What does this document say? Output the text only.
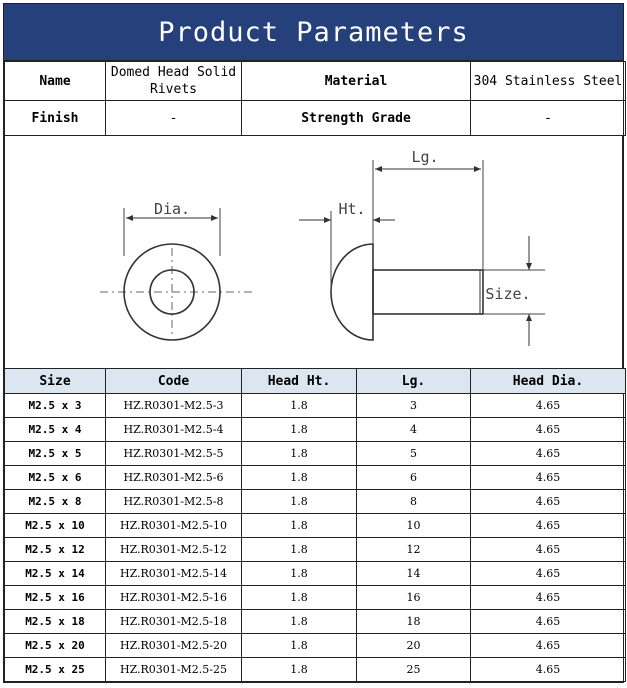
Product Parameters
Name	Domed Head Solid Rivets	Material	304 Stainless Steel
Finish	-	Strength Grade	-
Dia.	Ht.
Lg.
Size.
Size	Code	Head Ht.	Lg.	Head Dia.
M2.5 x 3	HZ.R0301-M2.5-3	1.8	3	4.65
M2.5 x 4	HZ.R0301-M2.5-4	1.8	4	4.65
M2.5 x 5	HZ.R0301-M2.5-5	1.8	5	4.65
M2.5 x 6	HZ.R0301-M2.5-6	1.8	6	4.65
M2.5 x 8	HZ.R0301-M2.5-8	1.8	8	4.65
M2.5 x 10	HZ.R0301-M2.5-10	1.8	10	4.65
M2.5 x 12	HZ.R0301-M2.5-12	1.8	12	4.65
M2.5 x 14	HZ.R0301-M2.5-14	1.8	14	4.65
M2.5 x 16	HZ.R0301-M2.5-16	1.8	16	4.65
M2.5 x 18	HZ.R0301-M2.5-18	1.8	18	4.65
M2.5 x 20	HZ.R0301-M2.5-20	1.8	20	4.65
M2.5 x 25	HZ.R0301-M2.5-25	1.8	25	4.65
